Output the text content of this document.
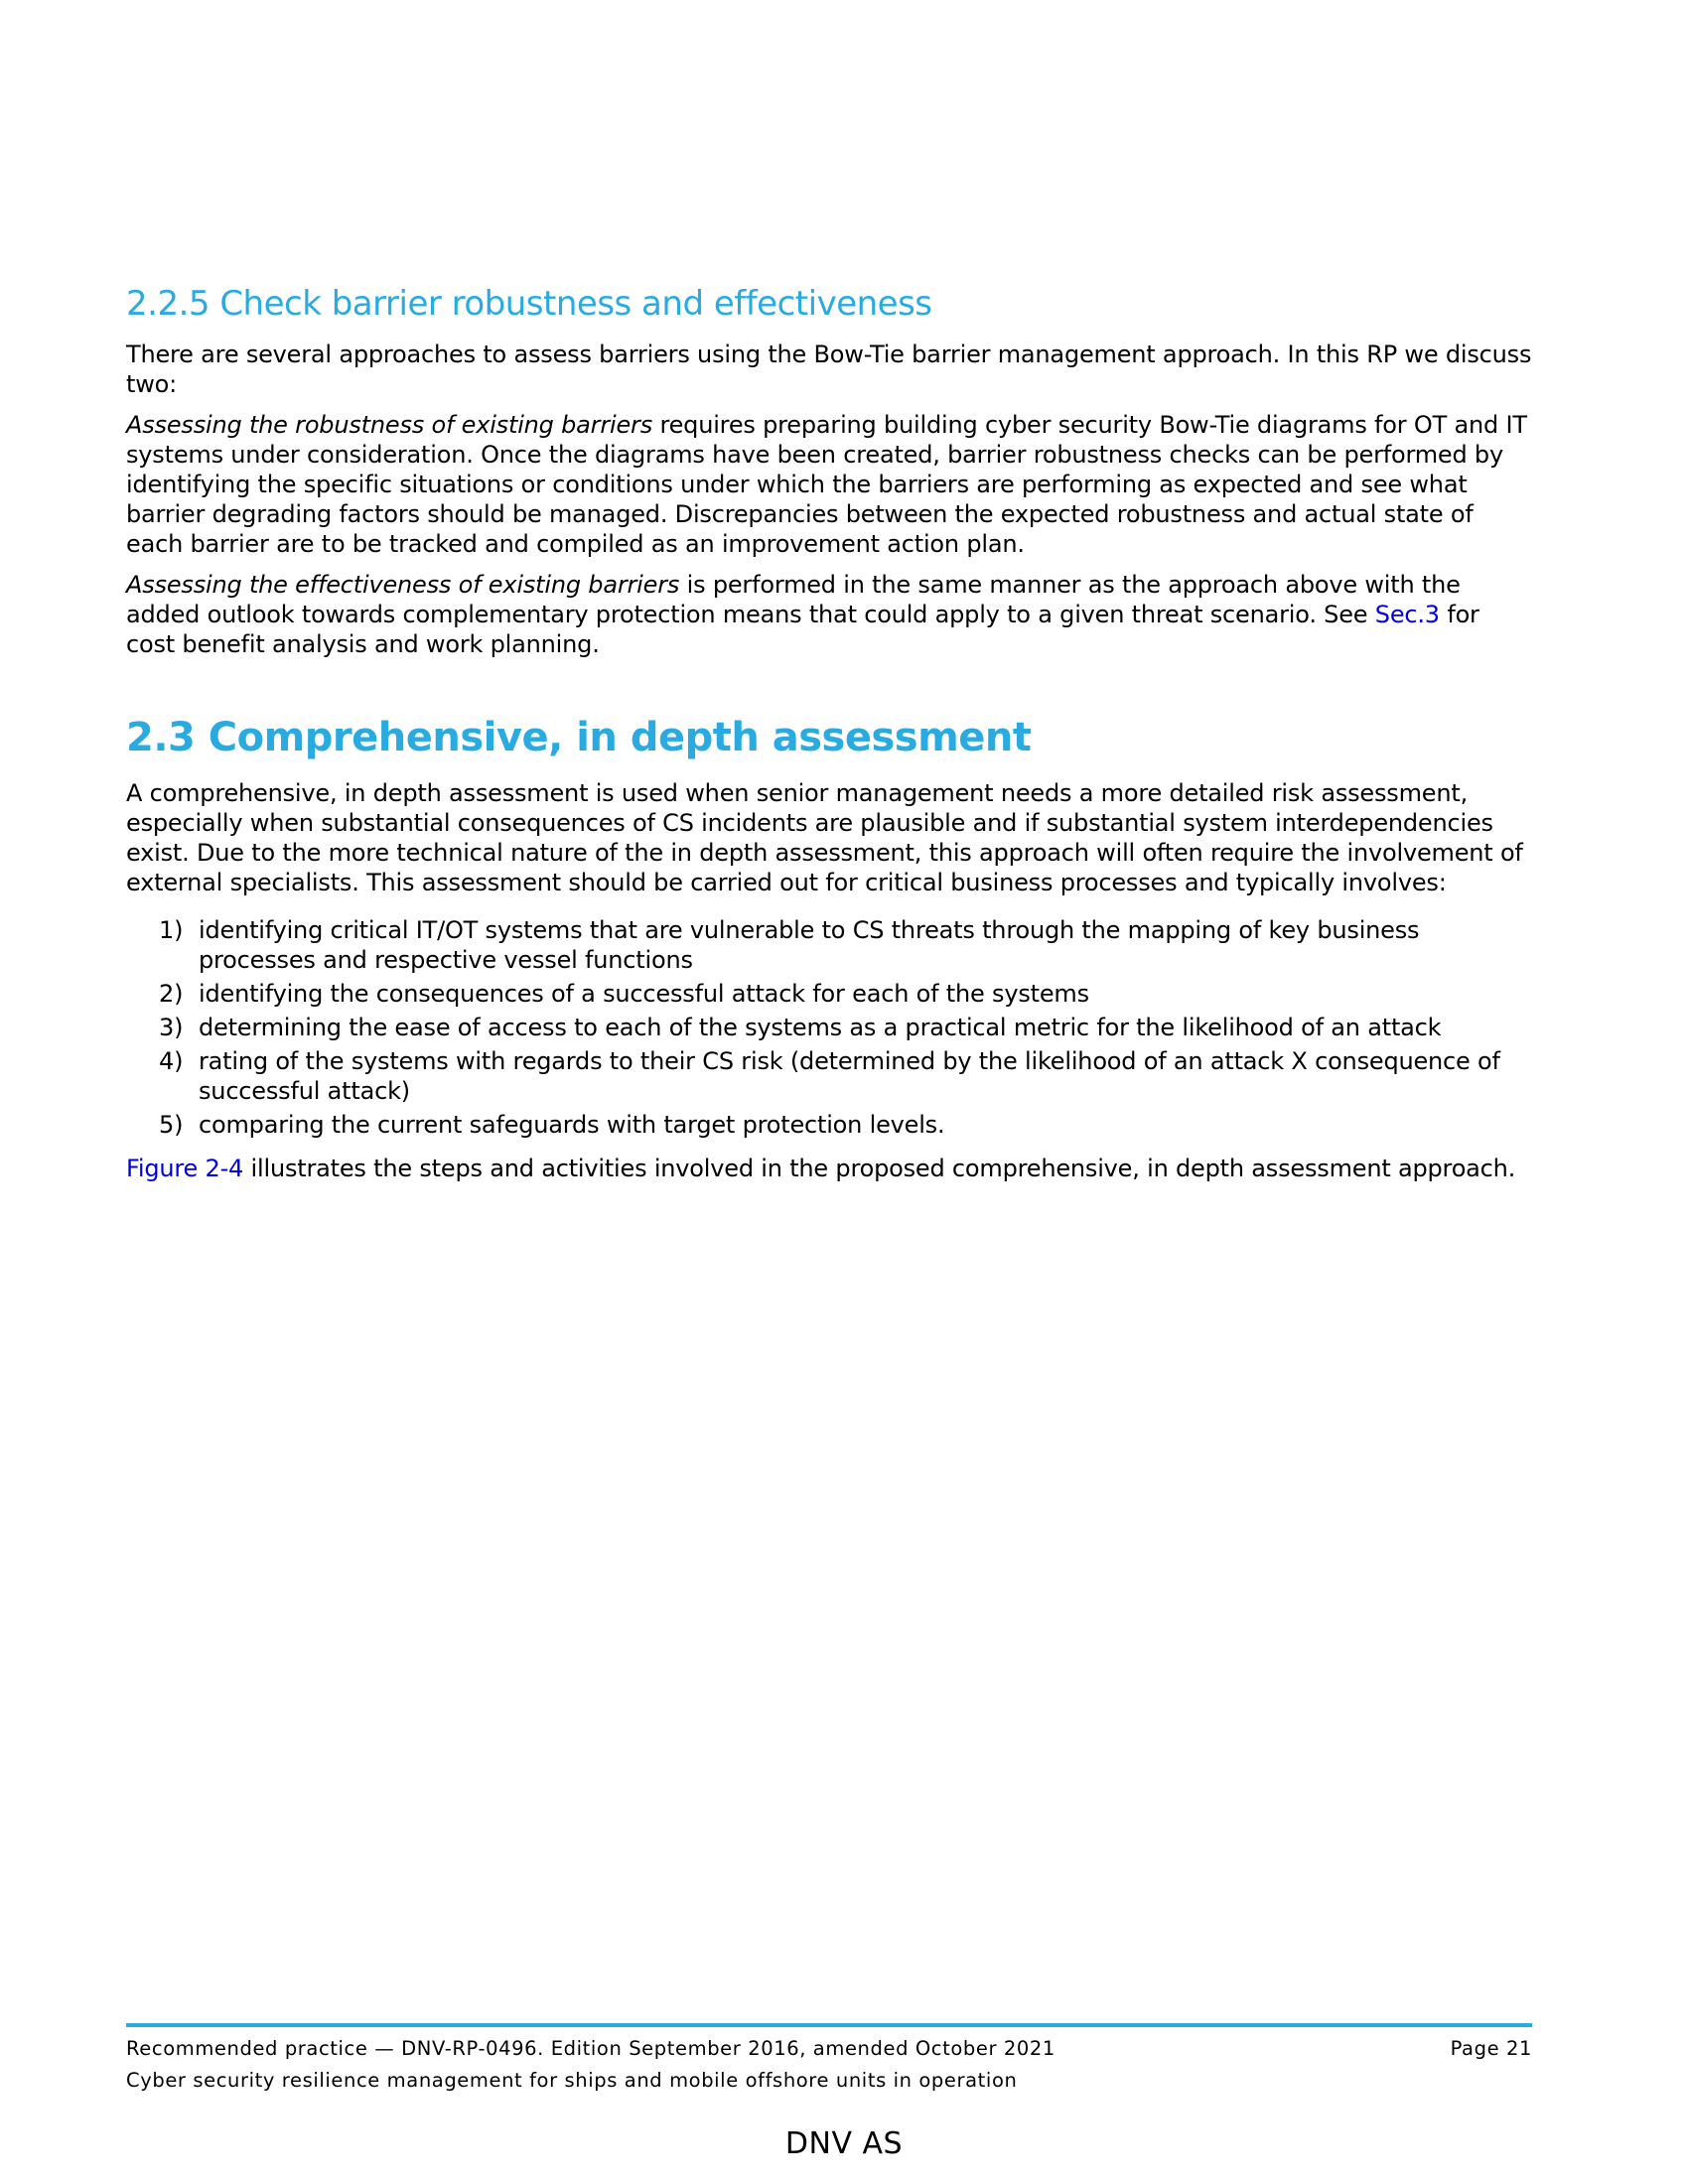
2.2.5 Check barrier robustness and effectiveness

There are several approaches to assess barriers using the Bow-Tie barrier management approach. In this RP we discuss two:

Assessing the robustness of existing barriers requires preparing building cyber security Bow-Tie diagrams for OT and IT systems under consideration. Once the diagrams have been created, barrier robustness checks can be performed by identifying the specific situations or conditions under which the barriers are performing as expected and see what barrier degrading factors should be managed. Discrepancies between the expected robustness and actual state of each barrier are to be tracked and compiled as an improvement action plan.

Assessing the effectiveness of existing barriers is performed in the same manner as the approach above with the added outlook towards complementary protection means that could apply to a given threat scenario. See Sec.3 for cost benefit analysis and work planning.

2.3 Comprehensive, in depth assessment

A comprehensive, in depth assessment is used when senior management needs a more detailed risk assessment, especially when substantial consequences of CS incidents are plausible and if substantial system interdependencies exist. Due to the more technical nature of the in depth assessment, this approach will often require the involvement of external specialists. This assessment should be carried out for critical business processes and typically involves:

1) identifying critical IT/OT systems that are vulnerable to CS threats through the mapping of key business processes and respective vessel functions
2) identifying the consequences of a successful attack for each of the systems
3) determining the ease of access to each of the systems as a practical metric for the likelihood of an attack
4) rating of the systems with regards to their CS risk (determined by the likelihood of an attack X consequence of successful attack)
5) comparing the current safeguards with target protection levels.

Figure 2-4 illustrates the steps and activities involved in the proposed comprehensive, in depth assessment approach.

Recommended practice — DNV-RP-0496. Edition September 2016, amended October 2021	Page 21
Cyber security resilience management for ships and mobile offshore units in operation
DNV AS
